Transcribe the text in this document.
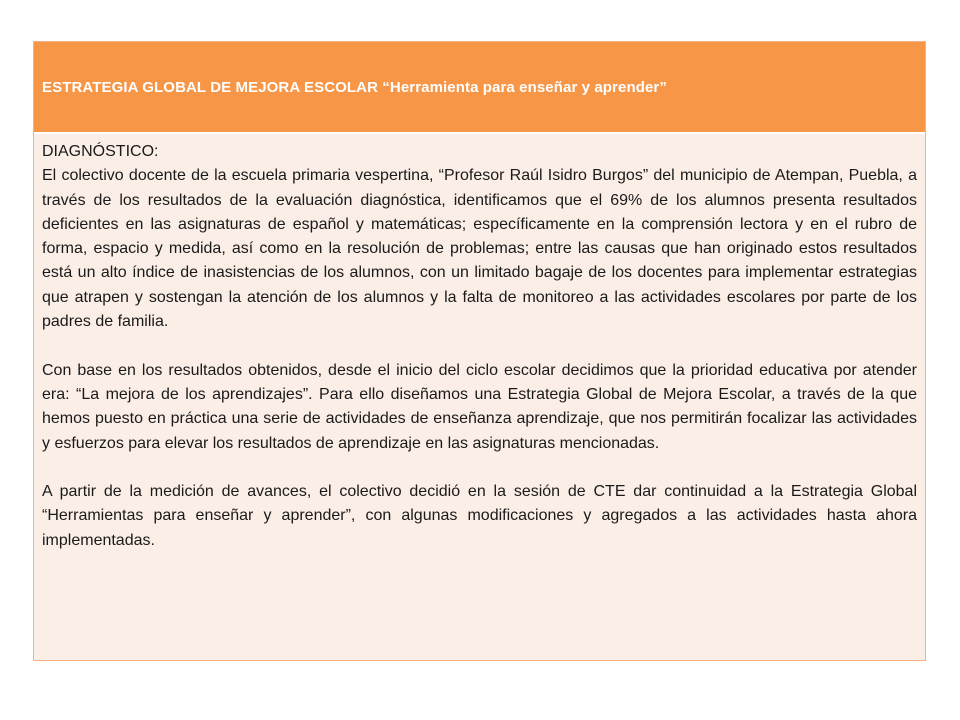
ESTRATEGIA GLOBAL DE MEJORA ESCOLAR “Herramienta para enseñar y aprender”

DIAGNÓSTICO:

El colectivo docente de la escuela primaria vespertina, “Profesor Raúl Isidro Burgos” del municipio de Atempan, Puebla, a través de los resultados de la evaluación diagnóstica, identificamos que el 69% de los alumnos presenta resultados deficientes en las asignaturas de español y matemáticas; específicamente en la comprensión lectora y en el rubro de forma, espacio y medida, así como en la resolución de problemas; entre las causas que han originado estos resultados está un alto índice de inasistencias de los alumnos, con un limitado bagaje de los docentes para implementar estrategias que atrapen y sostengan la atención de los alumnos y la falta de monitoreo a las actividades escolares por parte de los padres de familia.

Con base en los resultados obtenidos, desde el inicio del ciclo escolar decidimos que la prioridad educativa por atender era: “La mejora de los aprendizajes”. Para ello diseñamos una Estrategia Global de Mejora Escolar, a través de la que hemos puesto en práctica una serie de actividades de enseñanza aprendizaje, que nos permitirán focalizar las actividades y esfuerzos para elevar los resultados de aprendizaje en las asignaturas mencionadas.

A partir de la medición de avances, el colectivo decidió en la sesión de CTE dar continuidad a la Estrategia Global “Herramientas para enseñar y aprender”, con algunas modificaciones y agregados a las actividades hasta ahora implementadas.
